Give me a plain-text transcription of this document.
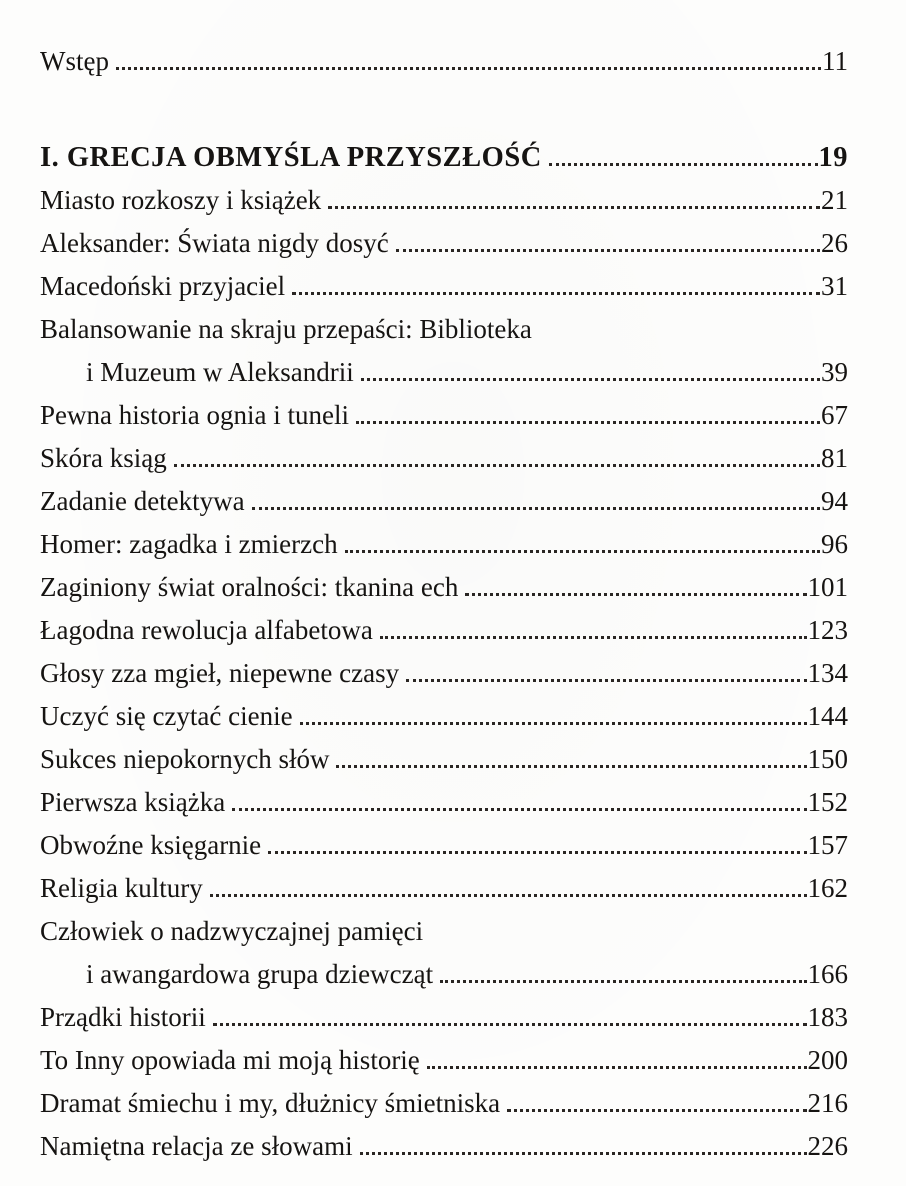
Wstęp	11
I. GRECJA OBMYŚLA PRZYSZŁOŚĆ	19
Miasto rozkoszy i książek	21
Aleksander: Świata nigdy dosyć	26
Macedoński przyjaciel	31
Balansowanie na skraju przepaści: Biblioteka
i Muzeum w Aleksandrii	39
Pewna historia ognia i tuneli	67
Skóra ksiąg	81
Zadanie detektywa	94
Homer: zagadka i zmierzch	96
Zaginiony świat oralności: tkanina ech	101
Łagodna rewolucja alfabetowa	123
Głosy zza mgieł, niepewne czasy	134
Uczyć się czytać cienie	144
Sukces niepokornych słów	150
Pierwsza książka	152
Obwoźne księgarnie	157
Religia kultury	162
Człowiek o nadzwyczajnej pamięci
i awangardowa grupa dziewcząt	166
Prządki historii	183
To Inny opowiada mi moją historię	200
Dramat śmiechu i my, dłużnicy śmietniska	216
Namiętna relacja ze słowami	226
